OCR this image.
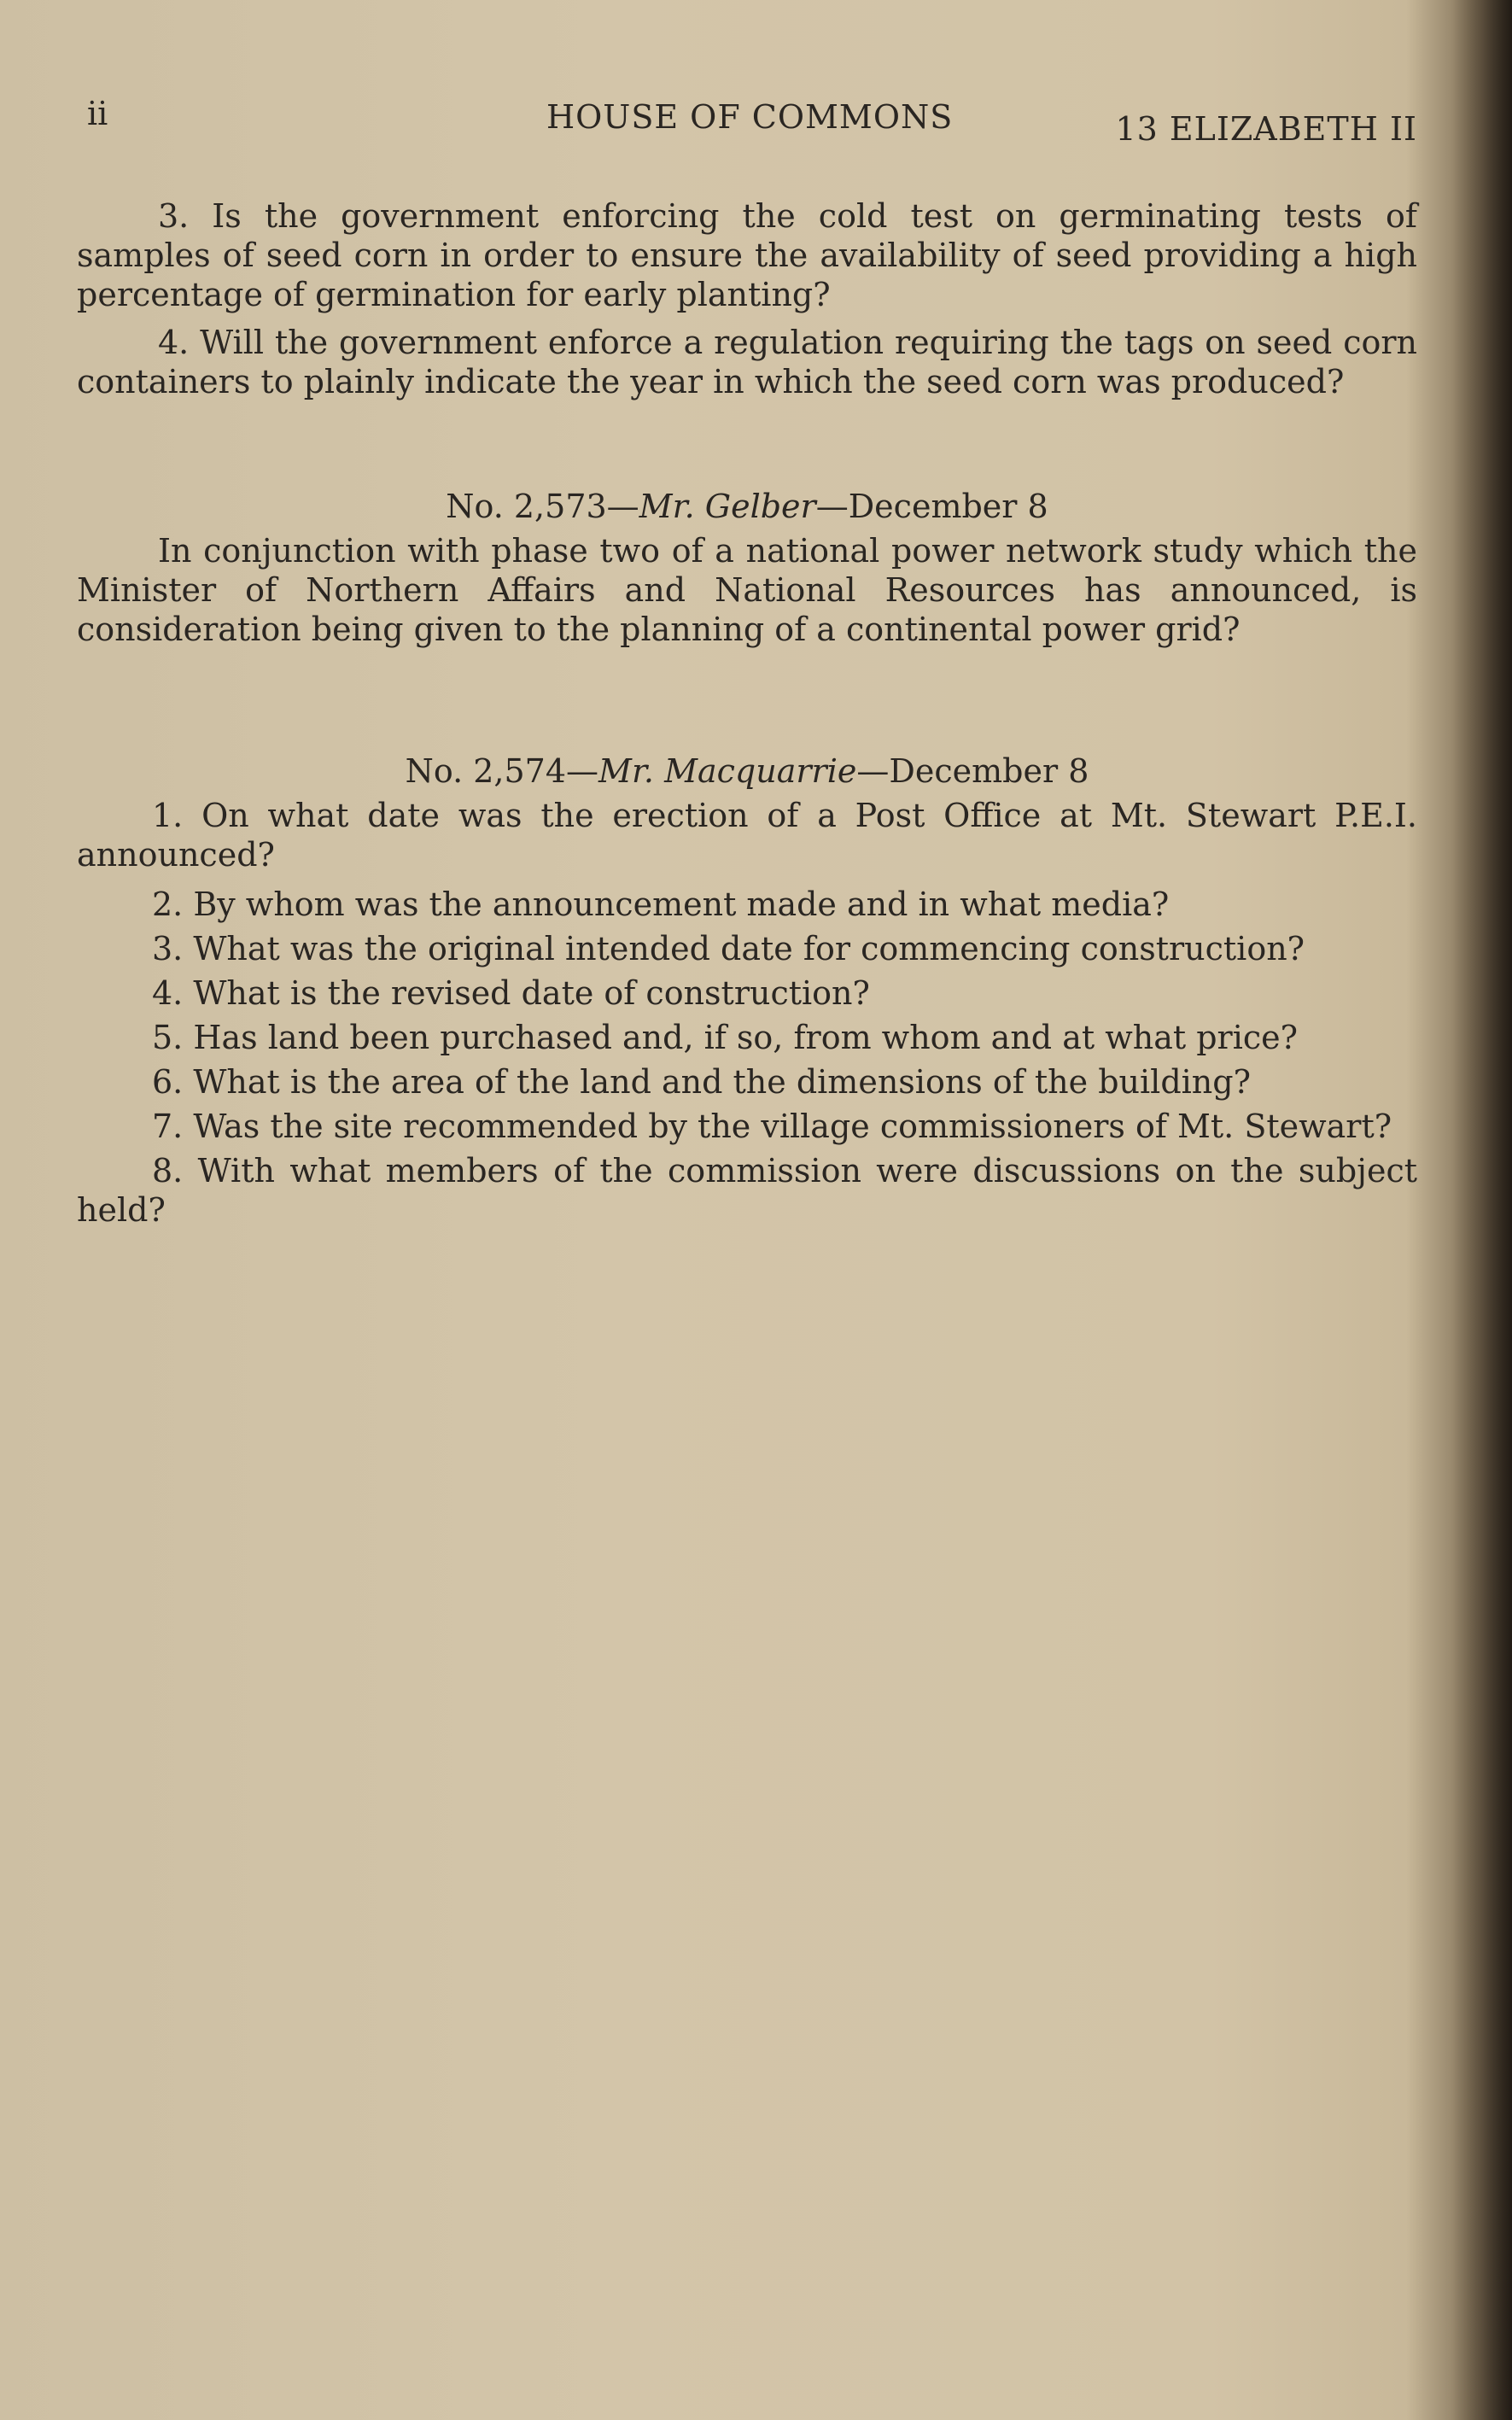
ii	HOUSE OF COMMONS	13 ELIZABETH II

3. Is the government enforcing the cold test on germinating tests of samples of seed corn in order to ensure the availability of seed providing a high percentage of germination for early planting?

4. Will the government enforce a regulation requiring the tags on seed corn containers to plainly indicate the year in which the seed corn was produced?

No. 2,573—Mr. Gelber—December 8

In conjunction with phase two of a national power network study which the Minister of Northern Affairs and National Resources has announced, is consideration being given to the planning of a continental power grid?

No. 2,574—Mr. Macquarrie—December 8

1. On what date was the erection of a Post Office at Mt. Stewart P.E.I. announced?

2. By whom was the announcement made and in what media?

3. What was the original intended date for commencing construction?

4. What is the revised date of construction?

5. Has land been purchased and, if so, from whom and at what price?

6. What is the area of the land and the dimensions of the building?

7. Was the site recommended by the village commissioners of Mt. Stewart?

8. With what members of the commission were discussions on the subject held?
